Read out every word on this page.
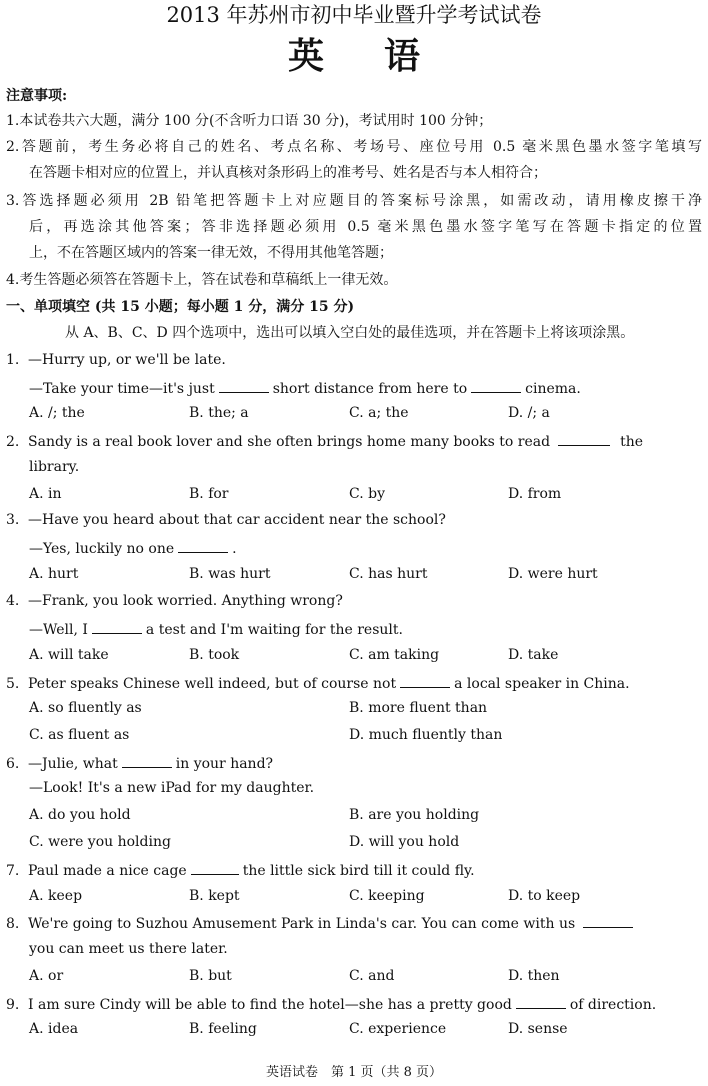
2013 年苏州市初中毕业暨升学考试试卷
英语
注意事项:
1.本试卷共六大题，满分 100 分(不含听力口语 30 分)，考试用时 100 分钟；
2.答题前，考生务必将自己的姓名、考点名称、考场号、座位号用 0.5 毫米黑色墨水签字笔填写
在答题卡相对应的位置上，并认真核对条形码上的准考号、姓名是否与本人相符合；
3.答选择题必须用 2B 铅笔把答题卡上对应题目的答案标号涂黑，如需改动，请用橡皮擦干净
后，再选涂其他答案；答非选择题必须用 0.5 毫米黑色墨水签字笔写在答题卡指定的位置
上，不在答题区域内的答案一律无效，不得用其他笔答题；
4.考生答题必须答在答题卡上，答在试卷和草稿纸上一律无效。
一、单项填空 (共 15 小题；每小题 1 分，满分 15 分)
从 A、B、C、D 四个选项中，选出可以填入空白处的最佳选项，并在答题卡上将该项涂黑。
1. —Hurry up, or we'll be late.
—Take your time—it's just	short distance from here to	cinema.
A. /; the	B. the; a	C. a; the	D. /; a
2. Sandy is a real book lover and she often brings home many books to read	the
library.
A. in	B. for	C. by	D. from
3. —Have you heard about that car accident near the school?
—Yes, luckily no one	.
A. hurt	B. was hurt	C. has hurt	D. were hurt
4. —Frank, you look worried. Anything wrong?
—Well, I	a test and I'm waiting for the result.
A. will take	B. took	C. am taking	D. take
5. Peter speaks Chinese well indeed, but of course not	a local speaker in China.
A. so fluently as	B. more fluent than
C. as fluent as	D. much fluently than
6. —Julie, what	in your hand?
—Look! It's a new iPad for my daughter.
A. do you hold	B. are you holding
C. were you holding	D. will you hold
7. Paul made a nice cage	the little sick bird till it could fly.
A. keep	B. kept	C. keeping	D. to keep
8. We're going to Suzhou Amusement Park in Linda's car. You can come with us
you can meet us there later.
A. or	B. but	C. and	D. then
9. I am sure Cindy will be able to find the hotel—she has a pretty good	of direction.
A. idea	B. feeling	C. experience	D. sense
英语试卷　第 1 页（共 8 页）
